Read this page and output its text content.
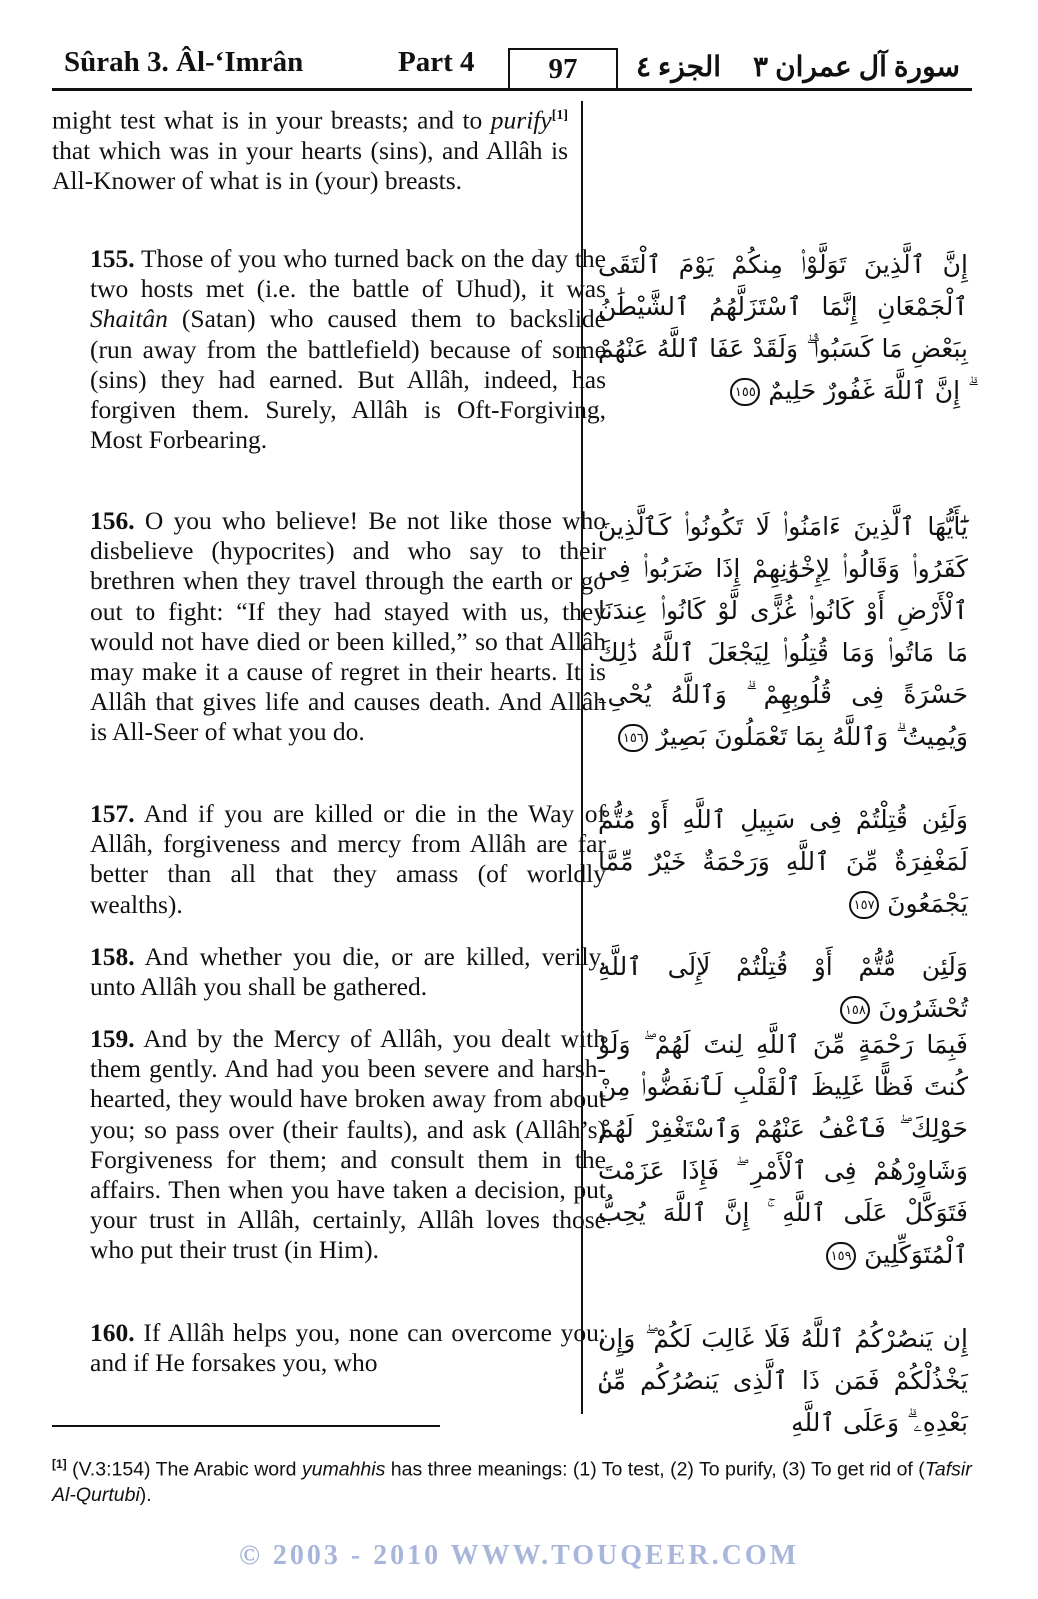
Sûrah 3. Âl-‘Imrân	Part 4	97	الجزء ٤ سورة آل عمران ٣

might test what is in your breasts; and to purify[1] that which was in your hearts (sins), and Allâh is All-Knower of what is in (your) breasts.

155. Those of you who turned back on the day the two hosts met (i.e. the battle of Uhud), it was Shaitân (Satan) who caused them to backslide (run away from the battlefield) because of some (sins) they had earned. But Allâh, indeed, has forgiven them. Surely, Allâh is Oft-Forgiving, Most Forbearing.

إِنَّ ٱلَّذِينَ تَوَلَّوْا۟ مِنكُمْ يَوْمَ ٱلْتَقَى ٱلْجَمْعَانِ إِنَّمَا ٱسْتَزَلَّهُمُ ٱلشَّيْطَٰنُ بِبَعْضِ مَا كَسَبُوا۟ ۖ وَلَقَدْ عَفَا ٱللَّهُ عَنْهُمْ ۗ إِنَّ ٱللَّهَ غَفُورٌ حَلِيمٌ ١٥٥

156. O you who believe! Be not like those who disbelieve (hypocrites) and who say to their brethren when they travel through the earth or go out to fight: “If they had stayed with us, they would not have died or been killed,” so that Allâh may make it a cause of regret in their hearts. It is Allâh that gives life and causes death. And Allâh is All-Seer of what you do.

يَٰٓأَيُّهَا ٱلَّذِينَ ءَامَنُوا۟ لَا تَكُونُوا۟ كَٱلَّذِينَ كَفَرُوا۟ وَقَالُوا۟ لِإِخْوَٰنِهِمْ إِذَا ضَرَبُوا۟ فِى ٱلْأَرْضِ أَوْ كَانُوا۟ غُزًّى لَّوْ كَانُوا۟ عِندَنَا مَا مَاتُوا۟ وَمَا قُتِلُوا۟ لِيَجْعَلَ ٱللَّهُ ذَٰلِكَ حَسْرَةً فِى قُلُوبِهِمْ ۗ وَٱللَّهُ يُحْىِۦ وَيُمِيتُ ۗ وَٱللَّهُ بِمَا تَعْمَلُونَ بَصِيرٌ ١٥٦

157. And if you are killed or die in the Way of Allâh, forgiveness and mercy from Allâh are far better than all that they amass (of worldly wealths).

وَلَئِن قُتِلْتُمْ فِى سَبِيلِ ٱللَّهِ أَوْ مُتُّمْ لَمَغْفِرَةٌ مِّنَ ٱللَّهِ وَرَحْمَةٌ خَيْرٌ مِّمَّا يَجْمَعُونَ ١٥٧

158. And whether you die, or are killed, verily, unto Allâh you shall be gathered.

وَلَئِن مُّتُّمْ أَوْ قُتِلْتُمْ لَإِلَى ٱللَّهِ تُحْشَرُونَ ١٥٨

159. And by the Mercy of Allâh, you dealt with them gently. And had you been severe and harsh-hearted, they would have broken away from about you; so pass over (their faults), and ask (Allâh’s) Forgiveness for them; and consult them in the affairs. Then when you have taken a decision, put your trust in Allâh, certainly, Allâh loves those who put their trust (in Him).

فَبِمَا رَحْمَةٍ مِّنَ ٱللَّهِ لِنتَ لَهُمْ ۖ وَلَوْ كُنتَ فَظًّا غَلِيظَ ٱلْقَلْبِ لَٱنفَضُّوا۟ مِنْ حَوْلِكَ ۖ فَٱعْفُ عَنْهُمْ وَٱسْتَغْفِرْ لَهُمْ وَشَاوِرْهُمْ فِى ٱلْأَمْرِ ۖ فَإِذَا عَزَمْتَ فَتَوَكَّلْ عَلَى ٱللَّهِ ۚ إِنَّ ٱللَّهَ يُحِبُّ ٱلْمُتَوَكِّلِينَ ١٥٩

160. If Allâh helps you, none can overcome you; and if He forsakes you, who

إِن يَنصُرْكُمُ ٱللَّهُ فَلَا غَالِبَ لَكُمْ ۖ وَإِن يَخْذُلْكُمْ فَمَن ذَا ٱلَّذِى يَنصُرُكُم مِّنۢ بَعْدِهِۦ ۗ وَعَلَى ٱللَّهِ

[1] (V.3:154) The Arabic word yumahhis has three meanings: (1) To test, (2) To purify, (3) To get rid of (Tafsir Al-Qurtubi).
© 2003 - 2010 WWW.TOUQEER.COM
